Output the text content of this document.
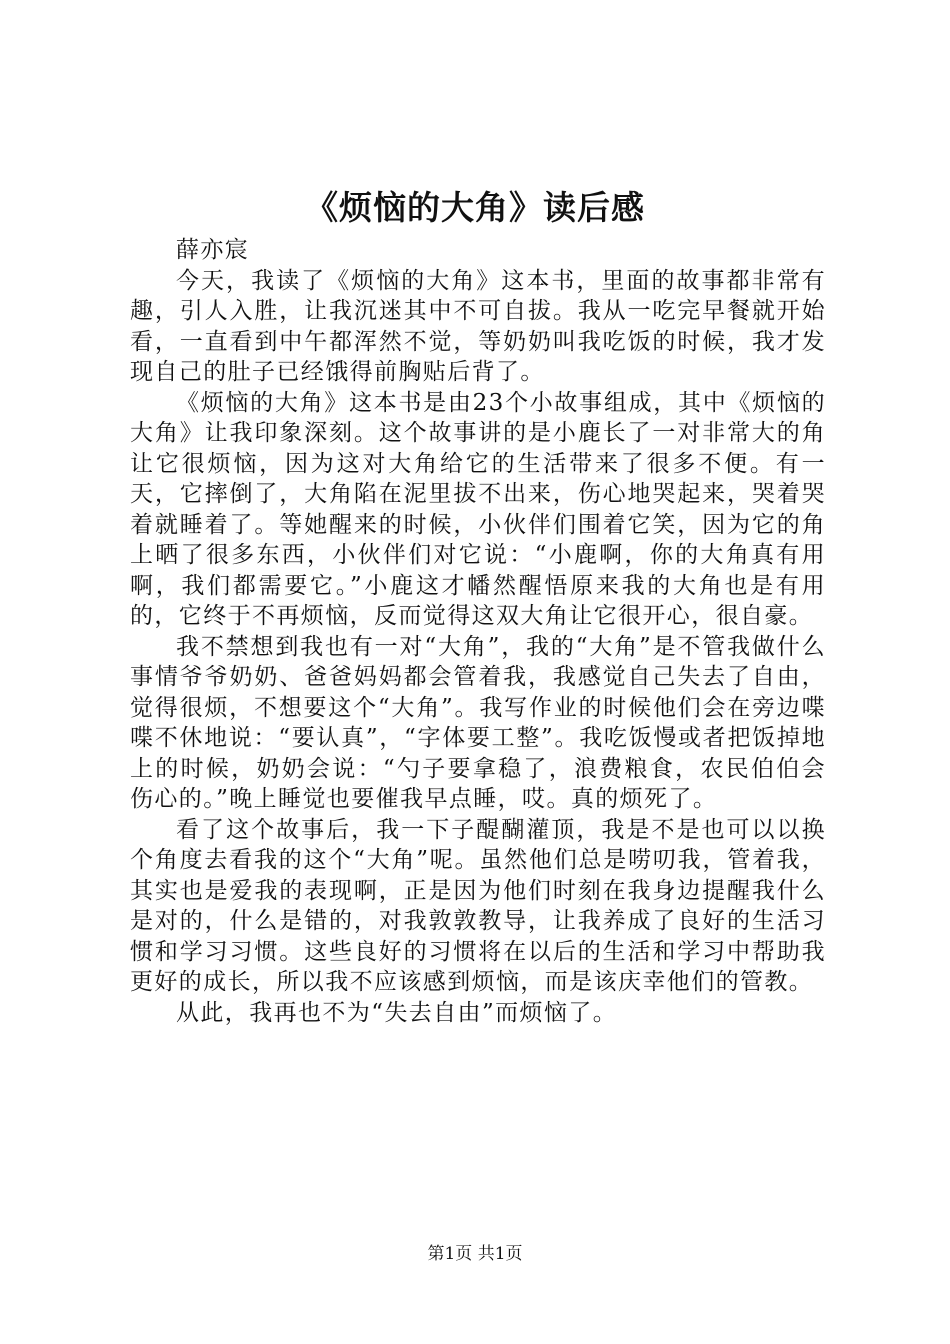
《烦恼的大角》读后感

薛亦宸

今天，我读了《烦恼的大角》这本书，里面的故事都非常有趣，引人入胜，让我沉迷其中不可自拔。我从一吃完早餐就开始看，一直看到中午都浑然不觉，等奶奶叫我吃饭的时候，我才发现自己的肚子已经饿得前胸贴后背了。

《烦恼的大角》这本书是由23个小故事组成，其中《烦恼的大角》让我印象深刻。这个故事讲的是小鹿长了一对非常大的角让它很烦恼，因为这对大角给它的生活带来了很多不便。有一天，它摔倒了，大角陷在泥里拔不出来，伤心地哭起来，哭着哭着就睡着了。等她醒来的时候，小伙伴们围着它笑，因为它的角上晒了很多东西，小伙伴们对它说：“小鹿啊，你的大角真有用啊，我们都需要它。”小鹿这才幡然醒悟原来我的大角也是有用的，它终于不再烦恼，反而觉得这双大角让它很开心，很自豪。

我不禁想到我也有一对“大角”，我的“大角”是不管我做什么事情爷爷奶奶、爸爸妈妈都会管着我，我感觉自己失去了自由，觉得很烦，不想要这个“大角”。我写作业的时候他们会在旁边喋喋不休地说：“要认真”，“字体要工整”。我吃饭慢或者把饭掉地上的时候，奶奶会说：“勺子要拿稳了，浪费粮食，农民伯伯会伤心的。”晚上睡觉也要催我早点睡，哎。真的烦死了。

看了这个故事后，我一下子醍醐灌顶，我是不是也可以以换个角度去看我的这个“大角”呢。虽然他们总是唠叨我，管着我，其实也是爱我的表现啊，正是因为他们时刻在我身边提醒我什么是对的，什么是错的，对我敦敦教导，让我养成了良好的生活习惯和学习习惯。这些良好的习惯将在以后的生活和学习中帮助我更好的成长，所以我不应该感到烦恼，而是该庆幸他们的管教。

从此，我再也不为“失去自由”而烦恼了。

第1页 共1页
